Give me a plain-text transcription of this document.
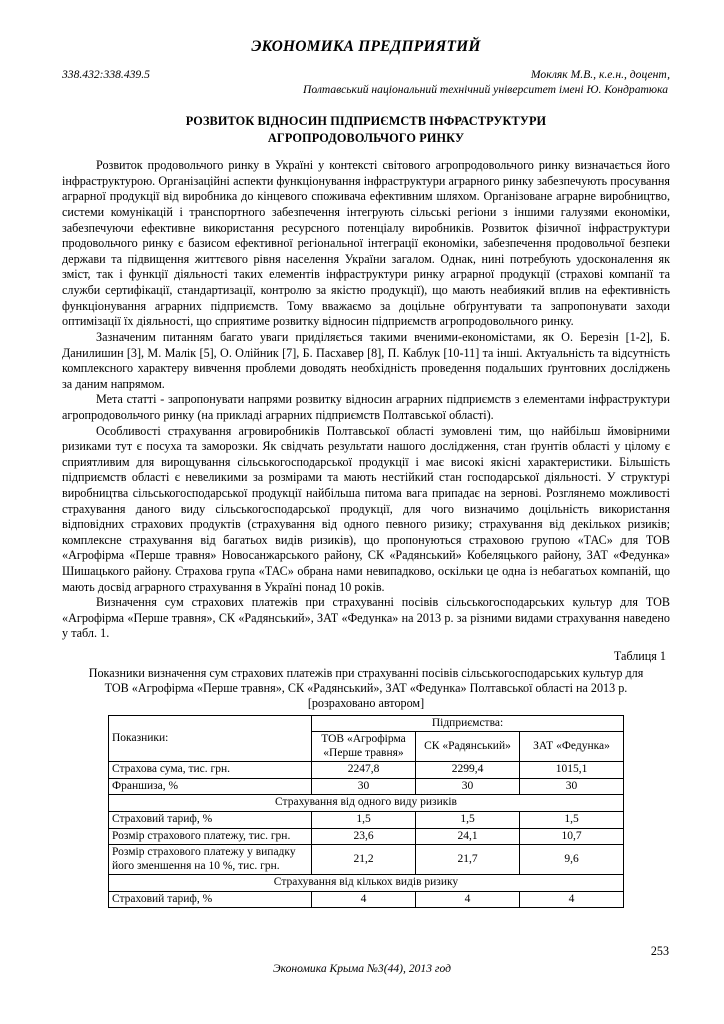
ЭКОНОМИКА ПРЕДПРИЯТИЙ
338.432:338.439.5	Мокляк М.В., к.е.н., доцент,
Полтавський національний технічний університет імені Ю. Кондратюка
РОЗВИТОК ВІДНОСИН ПІДПРИЄМСТВ ІНФРАСТРУКТУРИ
АГРОПРОДОВОЛЬЧОГО РИНКУ

Розвиток продовольчого ринку в Україні у контексті світового агропродовольчого ринку визначається його інфраструктурою. Організаційні аспекти функціонування інфраструктури аграрного ринку забезпечують просування аграрної продукції від виробника до кінцевого споживача ефективним шляхом. Організоване аграрне виробництво, системи комунікацій і транспортного забезпечення інтегрують сільські регіони з іншими галузями економіки, забезпечуючи ефективне використання ресурсного потенціалу виробників. Розвиток фізичної інфраструктури продовольчого ринку є базисом ефективної регіональної інтеграції економіки, забезпечення продовольчої безпеки держави та підвищення життєвого рівня населення України загалом. Однак, нині потребують удосконалення як зміст, так і функції діяльності таких елементів інфраструктури ринку аграрної продукції (страхові компанії та служби сертифікації, стандартизації, контролю за якістю продукції), що мають неабиякий вплив на ефективність функціонування аграрних підприємств. Тому вважаємо за доцільне обґрунтувати та запропонувати заходи оптимізації їх діяльності, що сприятиме розвитку відносин підприємств агропродовольчого ринку.

Зазначеним питанням багато уваги приділяється такими вченими-економістами, як О. Березін [1-2], Б. Данилишин [3], М. Малік [5], О. Олійник [7], Б. Пасхавер [8], П. Каблук [10-11] та інші. Актуальність та відсутність комплексного характеру вивчення проблеми доводять необхідність проведення подальших ґрунтовних досліджень за даним напрямом.

Мета статті - запропонувати напрями розвитку відносин аграрних підприємств з елементами інфраструктури агропродовольчого ринку (на прикладі аграрних підприємств Полтавської області).

Особливості страхування агровиробників Полтавської області зумовлені тим, що найбільш ймовірними ризиками тут є посуха та заморозки. Як свідчать результати нашого дослідження, стан ґрунтів області у цілому є сприятливим для вирощування сільськогосподарської продукції і має високі якісні характеристики. Більшість підприємств області є невеликими за розмірами та мають нестійкий стан господарської діяльності. У структурі виробництва сільськогосподарської продукції найбільша питома вага припадає на зернові. Розглянемо можливості страхування даного виду сільськогосподарської продукції, для чого визначимо доцільність використання відповідних страхових продуктів (страхування від одного певного ризику; страхування від декількох ризиків; комплексне страхування від багатьох видів ризиків), що пропонуються страховою групою «ТАС» для ТОВ «Агрофірма «Перше травня» Новосанжарського району, СК «Радянський» Кобеляцького району, ЗАТ «Федунка» Шишацького району. Страхова група «ТАС» обрана нами невипадково, оскільки це одна із небагатьох компаній, що мають досвід аграрного страхування в Україні понад 10 років.

Визначення сум страхових платежів при страхуванні посівів сільськогосподарських культур для ТОВ «Агрофірма «Перше травня», СК «Радянський», ЗАТ «Федунка» на 2013 р. за різними видами страхування наведено у табл. 1.

Таблиця 1
Показники визначення сум страхових платежів при страхуванні посівів сільськогосподарських культур для ТОВ «Агрофірма «Перше травня», СК «Радянський», ЗАТ «Федунка» Полтавської області на 2013 р. [розраховано автором]
Показники:	Підприємства:		
	ТОВ «Агрофірма «Перше травня»	СК «Радянський»	ЗАТ «Федунка»
Страхова сума, тис. грн.	2247,8	2299,4	1015,1
Франшиза, %	30	30	30
Страхування від одного виду ризиків			
Страховий тариф, %	1,5	1,5	1,5
Розмір страхового платежу, тис. грн.	23,6	24,1	10,7
Розмір страхового платежу у випадку його зменшення на 10 %, тис. грн.	21,2	21,7	9,6
Страхування від кількох видів ризику			
Страховий тариф, %	4	4	4
253
Экономика Крыма №3(44), 2013 год
